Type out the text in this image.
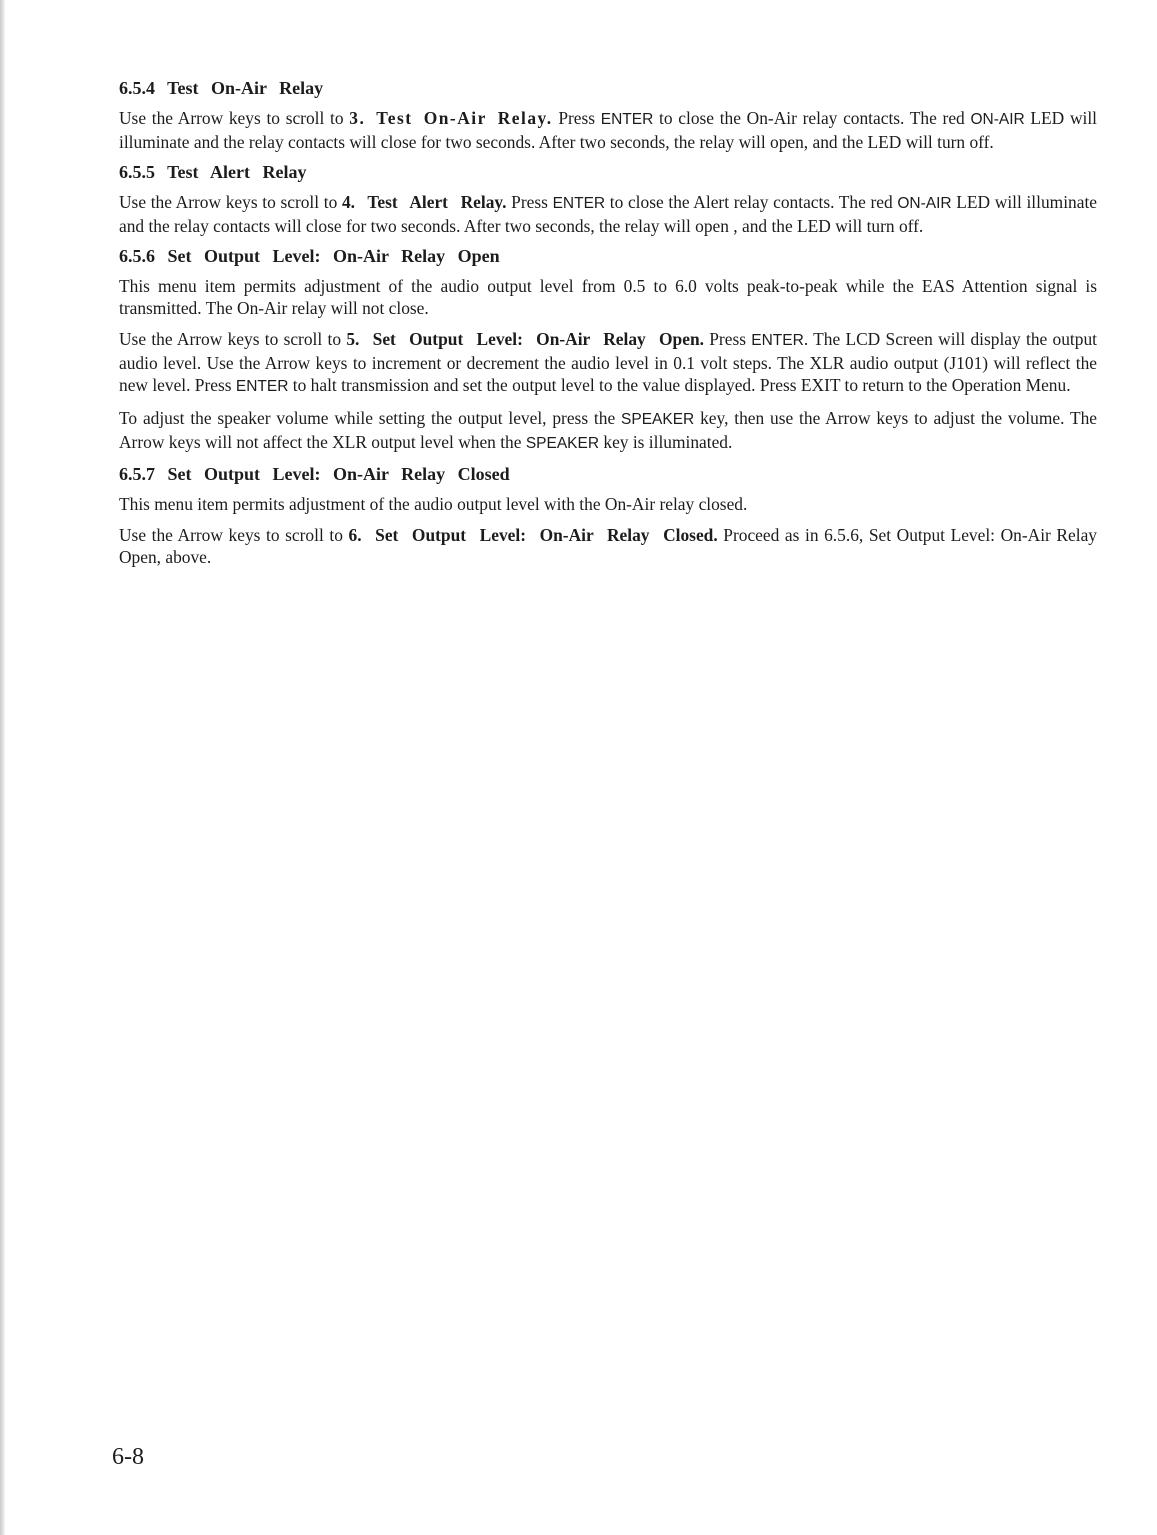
6.5.4 Test On-Air Relay

Use the Arrow keys to scroll to 3. Test On-Air Relay. Press ENTER to close the On-Air relay contacts. The red ON-AIR LED will illuminate and the relay contacts will close for two seconds. After two seconds, the relay will open, and the LED will turn off.

6.5.5 Test Alert Relay

Use the Arrow keys to scroll to 4. Test Alert Relay. Press ENTER to close the Alert relay contacts. The red ON-AIR LED will illuminate and the relay contacts will close for two seconds. After two seconds, the relay will open , and the LED will turn off.

6.5.6 Set Output Level: On-Air Relay Open

This menu item permits adjustment of the audio output level from 0.5 to 6.0 volts peak-to-peak while the EAS Attention signal is transmitted. The On-Air relay will not close.

Use the Arrow keys to scroll to 5. Set Output Level: On-Air Relay Open. Press ENTER. The LCD Screen will display the output audio level. Use the Arrow keys to increment or decrement the audio level in 0.1 volt steps. The XLR audio output (J101) will reflect the new level. Press ENTER to halt transmission and set the output level to the value displayed. Press EXIT to return to the Operation Menu.

To adjust the speaker volume while setting the output level, press the SPEAKER key, then use the Arrow keys to adjust the volume. The Arrow keys will not affect the XLR output level when the SPEAKER key is illuminated.

6.5.7 Set Output Level: On-Air Relay Closed

This menu item permits adjustment of the audio output level with the On-Air relay closed.

Use the Arrow keys to scroll to 6. Set Output Level: On-Air Relay Closed. Proceed as in 6.5.6, Set Output Level: On-Air Relay Open, above.

6-8
